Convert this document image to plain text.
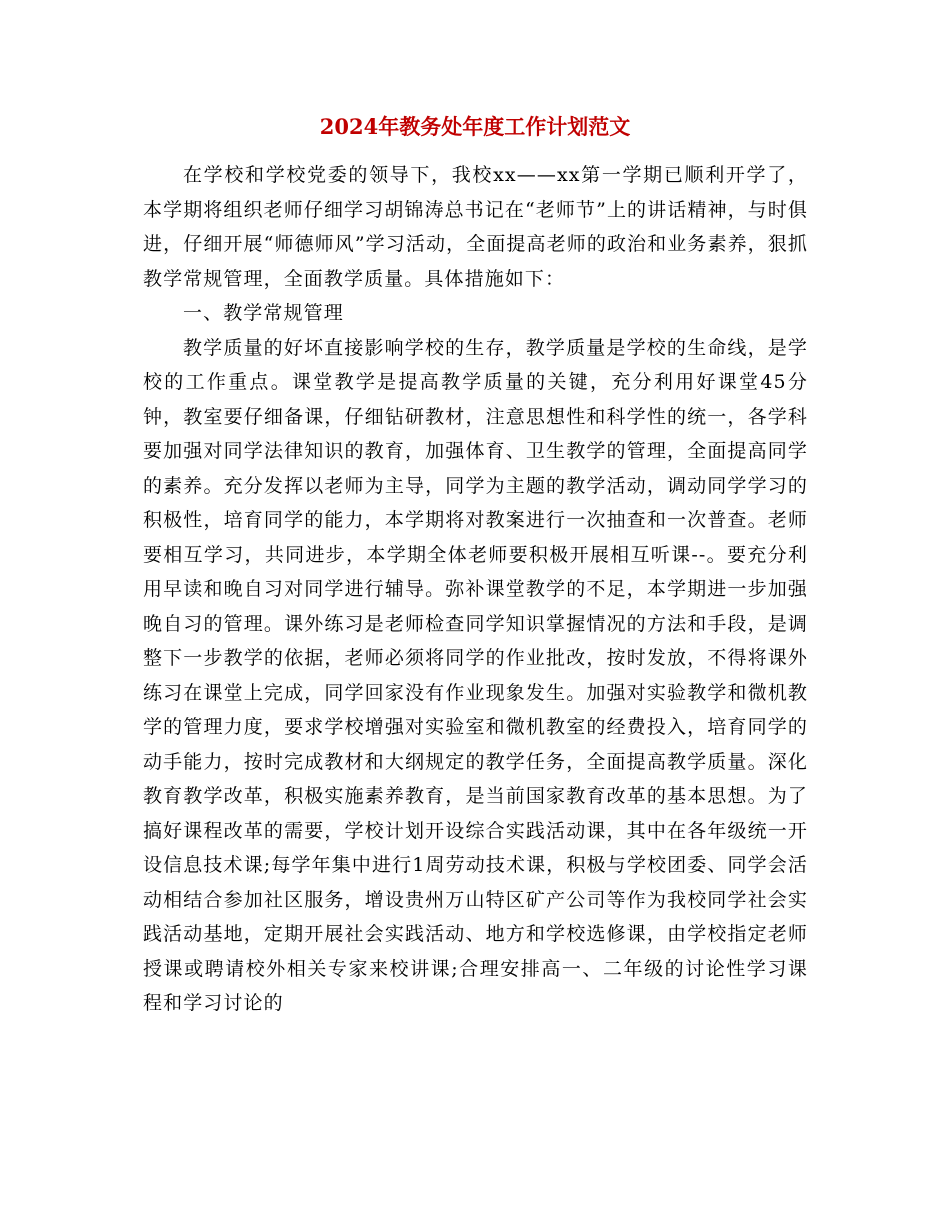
2024年教务处年度工作计划范文

在学校和学校党委的领导下，我校xx——xx第一学期已顺利开学了，本学期将组织老师仔细学习胡锦涛总书记在“老师节”上的讲话精神，与时俱进，仔细开展“师德师风”学习活动，全面提高老师的政治和业务素养，狠抓教学常规管理，全面教学质量。具体措施如下：

一、教学常规管理

教学质量的好坏直接影响学校的生存，教学质量是学校的生命线，是学校的工作重点。课堂教学是提高教学质量的关键，充分利用好课堂45分钟，教室要仔细备课，仔细钻研教材，注意思想性和科学性的统一，各学科要加强对同学法律知识的教育，加强体育、卫生教学的管理，全面提高同学的素养。充分发挥以老师为主导，同学为主题的教学活动，调动同学学习的积极性，培育同学的能力，本学期将对教案进行一次抽查和一次普查。老师要相互学习，共同进步，本学期全体老师要积极开展相互听课--。要充分利用早读和晚自习对同学进行辅导。弥补课堂教学的不足，本学期进一步加强晚自习的管理。课外练习是老师检查同学知识掌握情况的方法和手段，是调整下一步教学的依据，老师必须将同学的作业批改，按时发放，不得将课外练习在课堂上完成，同学回家没有作业现象发生。加强对实验教学和微机教学的管理力度，要求学校增强对实验室和微机教室的经费投入，培育同学的动手能力，按时完成教材和大纲规定的教学任务，全面提高教学质量。深化教育教学改革，积极实施素养教育，是当前国家教育改革的基本思想。为了搞好课程改革的需要，学校计划开设综合实践活动课，其中在各年级统一开设信息技术课;每学年集中进行1周劳动技术课，积极与学校团委、同学会活动相结合参加社区服务，增设贵州万山特区矿产公司等作为我校同学社会实践活动基地，定期开展社会实践活动、地方和学校选修课，由学校指定老师授课或聘请校外相关专家来校讲课;合理安排高一、二年级的讨论性学习课程和学习讨论的
